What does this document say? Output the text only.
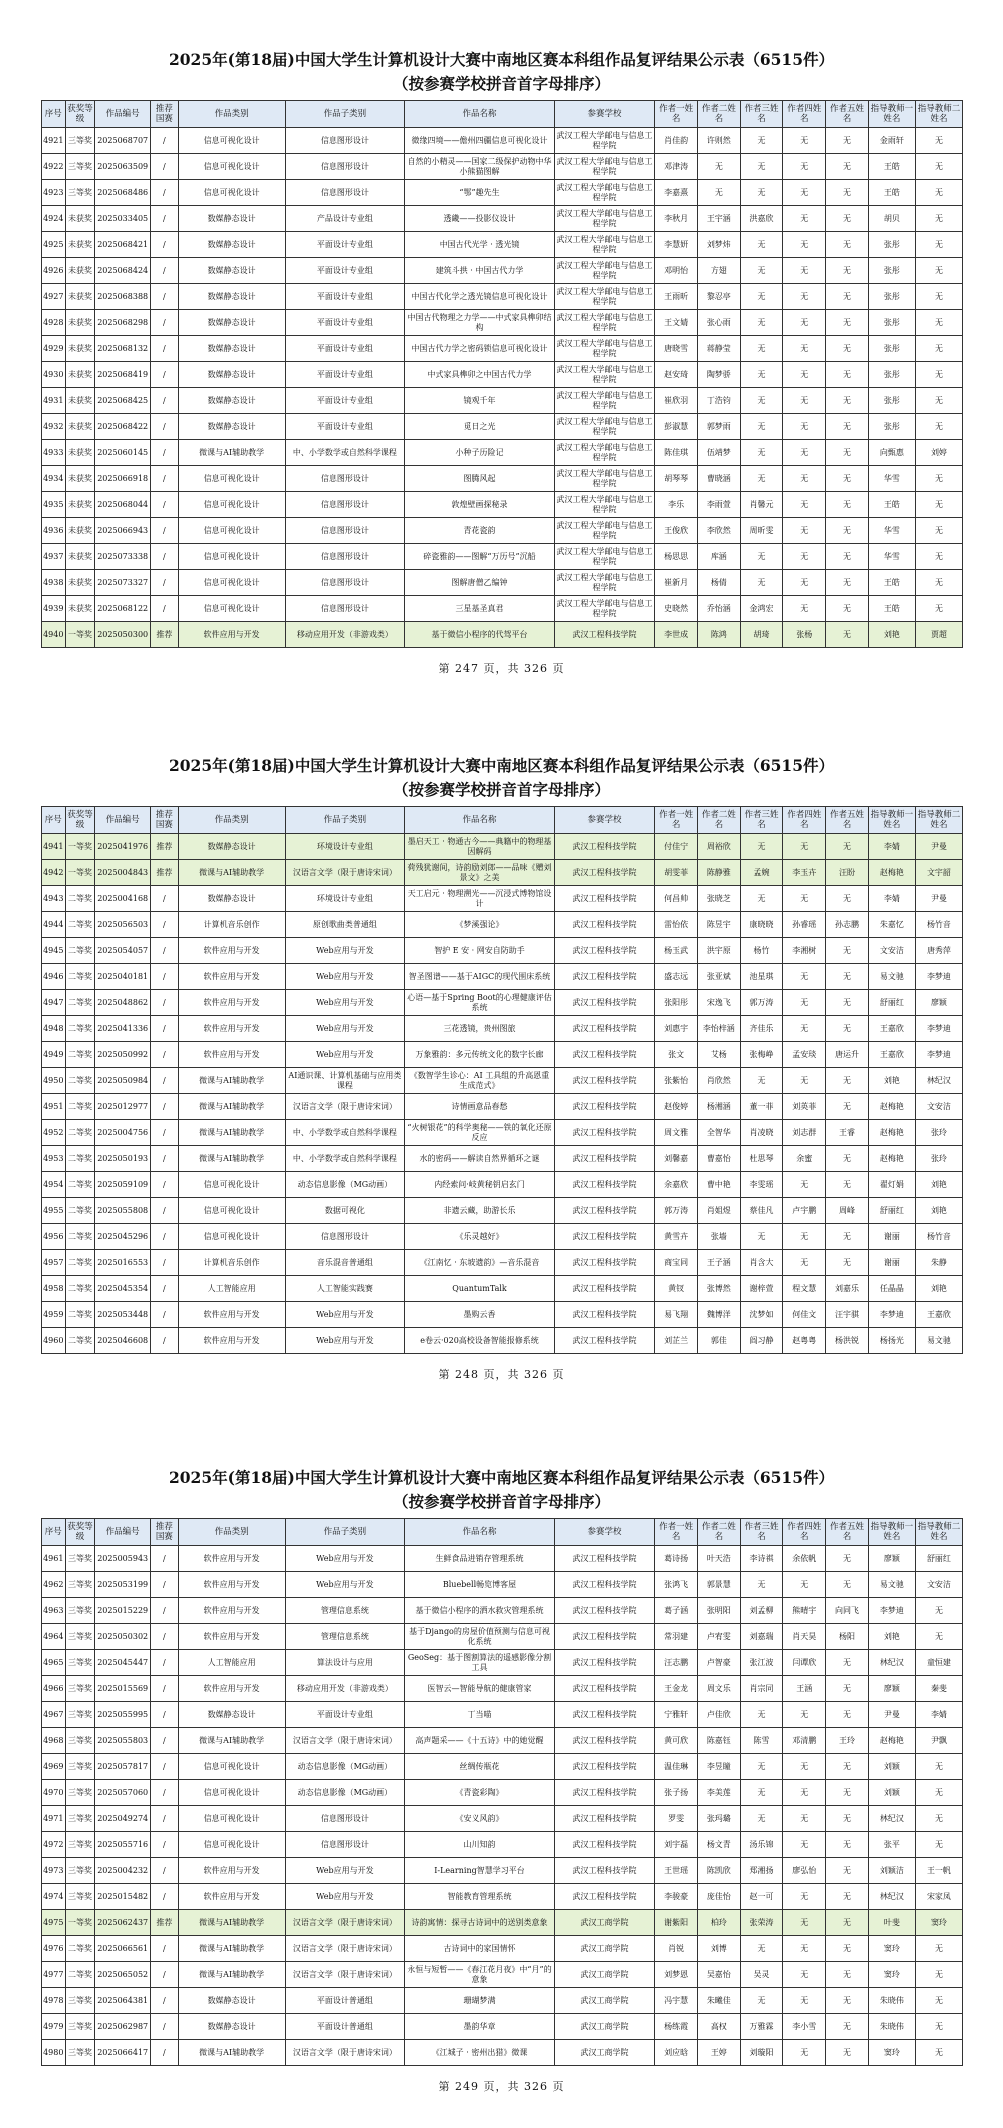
2025年(第18届)中国大学生计算机设计大赛中南地区赛本科组作品复评结果公示表（6515件）
（按参赛学校拼音首字母排序）
序号	获奖等级	作品编号	推荐国赛	作品类别	作品子类别	作品名称	参赛学校	作者一姓名	作者二姓名	作者三姓名	作者四姓名	作者五姓名	指导教师一姓名	指导教师二姓名
4921	三等奖	2025068707	/	信息可视化设计	信息图形设计	微缘四境——儋州四疆信息可视化设计	武汉工程大学邮电与信息工程学院	肖佳韵	许则然	无	无	无	金雨轩	无
4922	三等奖	2025063509	/	信息可视化设计	信息图形设计	自然的小精灵——国家二级保护动物中华小熊猫图解	武汉工程大学邮电与信息工程学院	邓津涛	无	无	无	无	王皓	无
4923	三等奖	2025068486	/	信息可视化设计	信息图形设计	“鄂”趣先生	武汉工程大学邮电与信息工程学院	李嘉熹	无	无	无	无	王皓	无
4924	未获奖	2025033405	/	数媒静态设计	产品设计专业组	透畿——投影仪设计	武汉工程大学邮电与信息工程学院	李秋月	王宇涵	洪嘉欣	无	无	胡贝	无
4925	未获奖	2025068421	/	数媒静态设计	平面设计专业组	中国古代光学 · 透光镜	武汉工程大学邮电与信息工程学院	李慧妍	刘梦炜	无	无	无	张彤	无
4926	未获奖	2025068424	/	数媒静态设计	平面设计专业组	建筑斗拱 · 中国古代力学	武汉工程大学邮电与信息工程学院	邓明怡	方翅	无	无	无	张彤	无
4927	未获奖	2025068388	/	数媒静态设计	平面设计专业组	中国古代化学之透光镜信息可视化设计	武汉工程大学邮电与信息工程学院	王雨昕	黎忍亭	无	无	无	张彤	无
4928	未获奖	2025068298	/	数媒静态设计	平面设计专业组	中国古代物理之力学——中式家具榫卯结构	武汉工程大学邮电与信息工程学院	王文婧	张心雨	无	无	无	张彤	无
4929	未获奖	2025068132	/	数媒静态设计	平面设计专业组	中国古代力学之密码锁信息可视化设计	武汉工程大学邮电与信息工程学院	唐晓雪	蒋静莹	无	无	无	张彤	无
4930	未获奖	2025068419	/	数媒静态设计	平面设计专业组	中式家具榫卯之中国古代力学	武汉工程大学邮电与信息工程学院	赵安琦	陶梦骄	无	无	无	张彤	无
4931	未获奖	2025068425	/	数媒静态设计	平面设计专业组	镜观千年	武汉工程大学邮电与信息工程学院	崔欣羽	丁浩钧	无	无	无	张彤	无
4932	未获奖	2025068422	/	数媒静态设计	平面设计专业组	觅日之光	武汉工程大学邮电与信息工程学院	彭淑慧	郭梦雨	无	无	无	张彤	无
4933	未获奖	2025060145	/	微课与AI辅助教学	中、小学数学或自然科学课程	小种子历险记	武汉工程大学邮电与信息工程学院	陈佳琪	伍靖梦	无	无	无	向甄惠	刘婷
4934	未获奖	2025066918	/	信息可视化设计	信息图形设计	图腾风起	武汉工程大学邮电与信息工程学院	胡琴琴	曹晓涵	无	无	无	华雪	无
4935	未获奖	2025068044	/	信息可视化设计	信息图形设计	敦煌壁画探秘录	武汉工程大学邮电与信息工程学院	李乐	李雨萱	肖馨元	无	无	王皓	无
4936	未获奖	2025066943	/	信息可视化设计	信息图形设计	青花瓷韵	武汉工程大学邮电与信息工程学院	王俊欣	李欣然	周昕雯	无	无	华雪	无
4937	未获奖	2025073338	/	信息可视化设计	信息图形设计	碎瓷雅韵——图解“万历号”沉船	武汉工程大学邮电与信息工程学院	杨思思	库涵	无	无	无	华雪	无
4938	未获奖	2025073327	/	信息可视化设计	信息图形设计	图解唐僧乙编钟	武汉工程大学邮电与信息工程学院	崔新月	杨倩	无	无	无	王皓	无
4939	未获奖	2025068122	/	信息可视化设计	信息图形设计	三星基圣真君	武汉工程大学邮电与信息工程学院	史晓然	乔怡涵	金鸿宏	无	无	王皓	无
4940	一等奖	2025050300	推荐	软件应用与开发	移动应用开发（非游戏类）	基于微信小程序的代驾平台	武汉工程科技学院	李世成	陈鸿	胡琦	张杨	无	刘艳	贾超
第 247 页，共 326 页
2025年(第18届)中国大学生计算机设计大赛中南地区赛本科组作品复评结果公示表（6515件）
（按参赛学校拼音首字母排序）
序号	获奖等级	作品编号	推荐国赛	作品类别	作品子类别	作品名称	参赛学校	作者一姓名	作者二姓名	作者三姓名	作者四姓名	作者五姓名	指导教师一姓名	指导教师二姓名
4941	一等奖	2025041976	推荐	数媒静态设计	环境设计专业组	墨启天工 · 物通古今——典籍中的物理基因解码	武汉工程科技学院	付佳宁	周裕欣	无	无	无	李婧	尹曼
4942	一等奖	2025004843	推荐	微课与AI辅助教学	汉语言文学（限于唐诗宋词）	荷残犹谢间，诗韵励刘郎——品味《赠刘景文》之美	武汉工程科技学院	胡雯菲	陈静雅	孟婉	李玉卉	汪盼	赵梅艳	文宇韶
4943	二等奖	2025004168	/	数媒静态设计	环境设计专业组	天工启元 · 物理溯光——沉浸式博物馆设计	武汉工程科技学院	何昌帅	张晓芝	无	无	无	李婧	尹曼
4944	二等奖	2025056503	/	计算机音乐创作	原创歌曲类普通组	《梦溪强论》	武汉工程科技学院	雷怡依	陈昱宇	康晓晓	孙睿瑶	孙志鹏	朱嘉忆	杨竹音
4945	二等奖	2025054057	/	软件应用与开发	Web应用与开发	智护 E 安 · 网安自防助手	武汉工程科技学院	杨玉武	洪宇原	杨竹	李湘树	无	文安洁	唐秀萍
4946	二等奖	2025040181	/	软件应用与开发	Web应用与开发	智圣图谱——基于AIGC的现代围床系统	武汉工程科技学院	盛志远	张亚斌	池星琪	无	无	易文驰	李梦迪
4947	二等奖	2025048862	/	软件应用与开发	Web应用与开发	心语—基于Spring Boot的心理健康评估系统	武汉工程科技学院	张阳彤	宋逸飞	郭万涛	无	无	舒丽红	廖颖
4948	二等奖	2025041336	/	软件应用与开发	Web应用与开发	三花透镜，贵州图旅	武汉工程科技学院	刘惠宇	李怡梓涵	齐佳乐	无	无	王嘉欣	李梦迪
4949	二等奖	2025050992	/	软件应用与开发	Web应用与开发	万象雅韵：多元传统文化的数字长廊	武汉工程科技学院	张文	艾杨	张梅峥	孟安琰	唐运升	王嘉欣	李梦迪
4950	二等奖	2025050984	/	微课与AI辅助教学	AI通识课、计算机基础与应用类课程	《数智学生诊心：AI 工具组的升高恩重生成范式》	武汉工程科技学院	张紫怡	肖欣然	无	无	无	刘艳	林纪汉
4951	二等奖	2025012977	/	微课与AI辅助教学	汉语言文学（限于唐诗宋词）	诗情画意品春愁	武汉工程科技学院	赵俊婷	杨湘涵	董一菲	刘英菲	无	赵梅艳	文安洁
4952	二等奖	2025004756	/	微课与AI辅助教学	中、小学数学或自然科学课程	“火树银花”的科学奥秘——铁的氧化还原反应	武汉工程科技学院	周文雅	全智华	肖凌晓	刘志群	王睿	赵梅艳	张玲
4953	二等奖	2025050193	/	微课与AI辅助教学	中、小学数学或自然科学课程	水的密码——解读自然界循环之谜	武汉工程科技学院	刘馨嘉	曹嘉怡	杜思琴	余蜜	无	赵梅艳	张玲
4954	二等奖	2025059109	/	信息可视化设计	动态信息影像（MG动画）	内经索问·岐黄秘钥启玄门	武汉工程科技学院	余嘉欣	曹中艳	李雯瑶	无	无	翟灯娟	刘艳
4955	二等奖	2025055808	/	信息可视化设计	数据可视化	非遗云藏，助游长乐	武汉工程科技学院	郭万涛	肖姐煜	蔡佳凡	卢宇鹏	周峰	舒丽红	刘艳
4956	二等奖	2025045296	/	信息可视化设计	信息图形设计	《乐灵越好》	武汉工程科技学院	黄雪卉	张墙	无	无	无	谢丽	杨竹音
4957	二等奖	2025016553	/	计算机音乐创作	音乐混音普通组	《江南忆 · 东坡遗韵》—音乐混音	武汉工程科技学院	商宝同	王子涵	肖含大	无	无	谢丽	朱静
4958	二等奖	2025045354	/	人工智能应用	人工智能实践赛	QuantumTalk	武汉工程科技学院	黄钗	张博然	谢梓萱	程文慧	刘嘉乐	任晶晶	刘艳
4959	二等奖	2025053448	/	软件应用与开发	Web应用与开发	墨购云香	武汉工程科技学院	易飞翔	魏博洋	沈梦如	何佳文	汪宇骐	李梦迪	王嘉欣
4960	二等奖	2025046608	/	软件应用与开发	Web应用与开发	e卷云·020高校设备智能报修系统	武汉工程科技学院	刘芷兰	郭佳	阎习静	赵粤粤	杨洪锐	杨扬光	易文驰
第 248 页，共 326 页
2025年(第18届)中国大学生计算机设计大赛中南地区赛本科组作品复评结果公示表（6515件）
（按参赛学校拼音首字母排序）
序号	获奖等级	作品编号	推荐国赛	作品类别	作品子类别	作品名称	参赛学校	作者一姓名	作者二姓名	作者三姓名	作者四姓名	作者五姓名	指导教师一姓名	指导教师二姓名
4961	三等奖	2025005943	/	软件应用与开发	Web应用与开发	生鲜食品进销存管理系统	武汉工程科技学院	葛诗扬	叶天浩	李诗祺	余依帆	无	廖颖	舒丽红
4962	三等奖	2025053199	/	软件应用与开发	Web应用与开发	Bluebell畅览博客屋	武汉工程科技学院	张鸿飞	郭景慧	无	无	无	易文驰	文安洁
4963	三等奖	2025015229	/	软件应用与开发	管理信息系统	基于微信小程序的洒水救灾管理系统	武汉工程科技学院	葛子涵	张明阳	刘孟柳	熊晴宇	向同飞	李梦迪	无
4964	三等奖	2025050302	/	软件应用与开发	管理信息系统	基于Django的房屋价值预测与信息可视化系统	武汉工程科技学院	常羽建	卢宥雯	刘嘉瑞	肖天昊	杨阳	刘艳	无
4965	三等奖	2025045447	/	人工智能应用	算法设计与应用	GeoSeg：基于图割算法的遥感影像分割工具	武汉工程科技学院	汪志鹏	卢智豪	张江波	闫谭欣	无	林纪汉	童恒建
4966	三等奖	2025015569	/	软件应用与开发	移动应用开发（非游戏类）	医智云—智能导航的健康管家	武汉工程科技学院	王金龙	周文乐	肖宗同	王涵	无	廖颖	秦斐
4967	三等奖	2025055995	/	数媒静态设计	平面设计专业组	丁当喵	武汉工程科技学院	宁雅轩	卢佳欣	无	无	无	尹曼	李婧
4968	三等奖	2025055803	/	微课与AI辅助教学	汉语言文学（限于唐诗宋词）	高声题采——《十五诗》中的她觉醒	武汉工程科技学院	黄可欣	陈嘉钰	陈雪	邓清鹏	王玲	赵梅艳	尹飘
4969	三等奖	2025057817	/	信息可视化设计	动态信息影像（MG动画）	丝绸传瓶花	武汉工程科技学院	温佳琳	李昱瞳	无	无	无	刘颖	无
4970	三等奖	2025057060	/	信息可视化设计	动态信息影像（MG动画）	《青瓷彩陶》	武汉工程科技学院	张子扬	李美莲	无	无	无	刘颖	无
4971	三等奖	2025049274	/	信息可视化设计	信息图形设计	《安义风韵》	武汉工程科技学院	罗雯	张玛璐	无	无	无	林纪汉	无
4972	三等奖	2025055716	/	信息可视化设计	信息图形设计	山川知韵	武汉工程科技学院	刘宇磊	杨文青	汤乐锦	无	无	张平	无
4973	三等奖	2025004232	/	软件应用与开发	Web应用与开发	I-Learning智慧学习平台	武汉工程科技学院	王世瑶	陈凯欣	郑湘扬	廖弘怡	无	刘颖洁	王一帆
4974	三等奖	2025015482	/	软件应用与开发	Web应用与开发	智能教育管理系统	武汉工程科技学院	李骏豪	庞佳怡	赵一可	无	无	林纪汉	宋家凤
4975	一等奖	2025062437	推荐	微课与AI辅助教学	汉语言文学（限于唐诗宋词）	诗韵寓情：探寻古诗词中的送别类意象	武汉工商学院	谢紫阳	柏玲	张荣涛	无	无	叶斐	窦玲
4976	二等奖	2025066561	/	微课与AI辅助教学	汉语言文学（限于唐诗宋词）	古诗词中的家国情怀	武汉工商学院	肖锐	刘博	无	无	无	窦玲	无
4977	二等奖	2025065052	/	微课与AI辅助教学	汉语言文学（限于唐诗宋词）	永恒与短暂——《春江花月夜》中“月”的意象	武汉工商学院	刘梦恩	吴嘉怡	吴灵	无	无	窦玲	无
4978	三等奖	2025064381	/	数媒静态设计	平面设计普通组	珊瑚梦满	武汉工商学院	冯宇慧	朱曦佳	无	无	无	朱晓伟	无
4979	三等奖	2025062987	/	数媒静态设计	平面设计普通组	墨韵华章	武汉工商学院	杨练霞	高权	万雅霖	李小雪	无	朱晓伟	无
4980	三等奖	2025066417	/	微课与AI辅助教学	汉语言文学（限于唐诗宋词）	《江城子 · 密州出猎》微课	武汉工商学院	刘应晗	王婷	刘璇阳	无	无	窦玲	无
第 249 页，共 326 页
